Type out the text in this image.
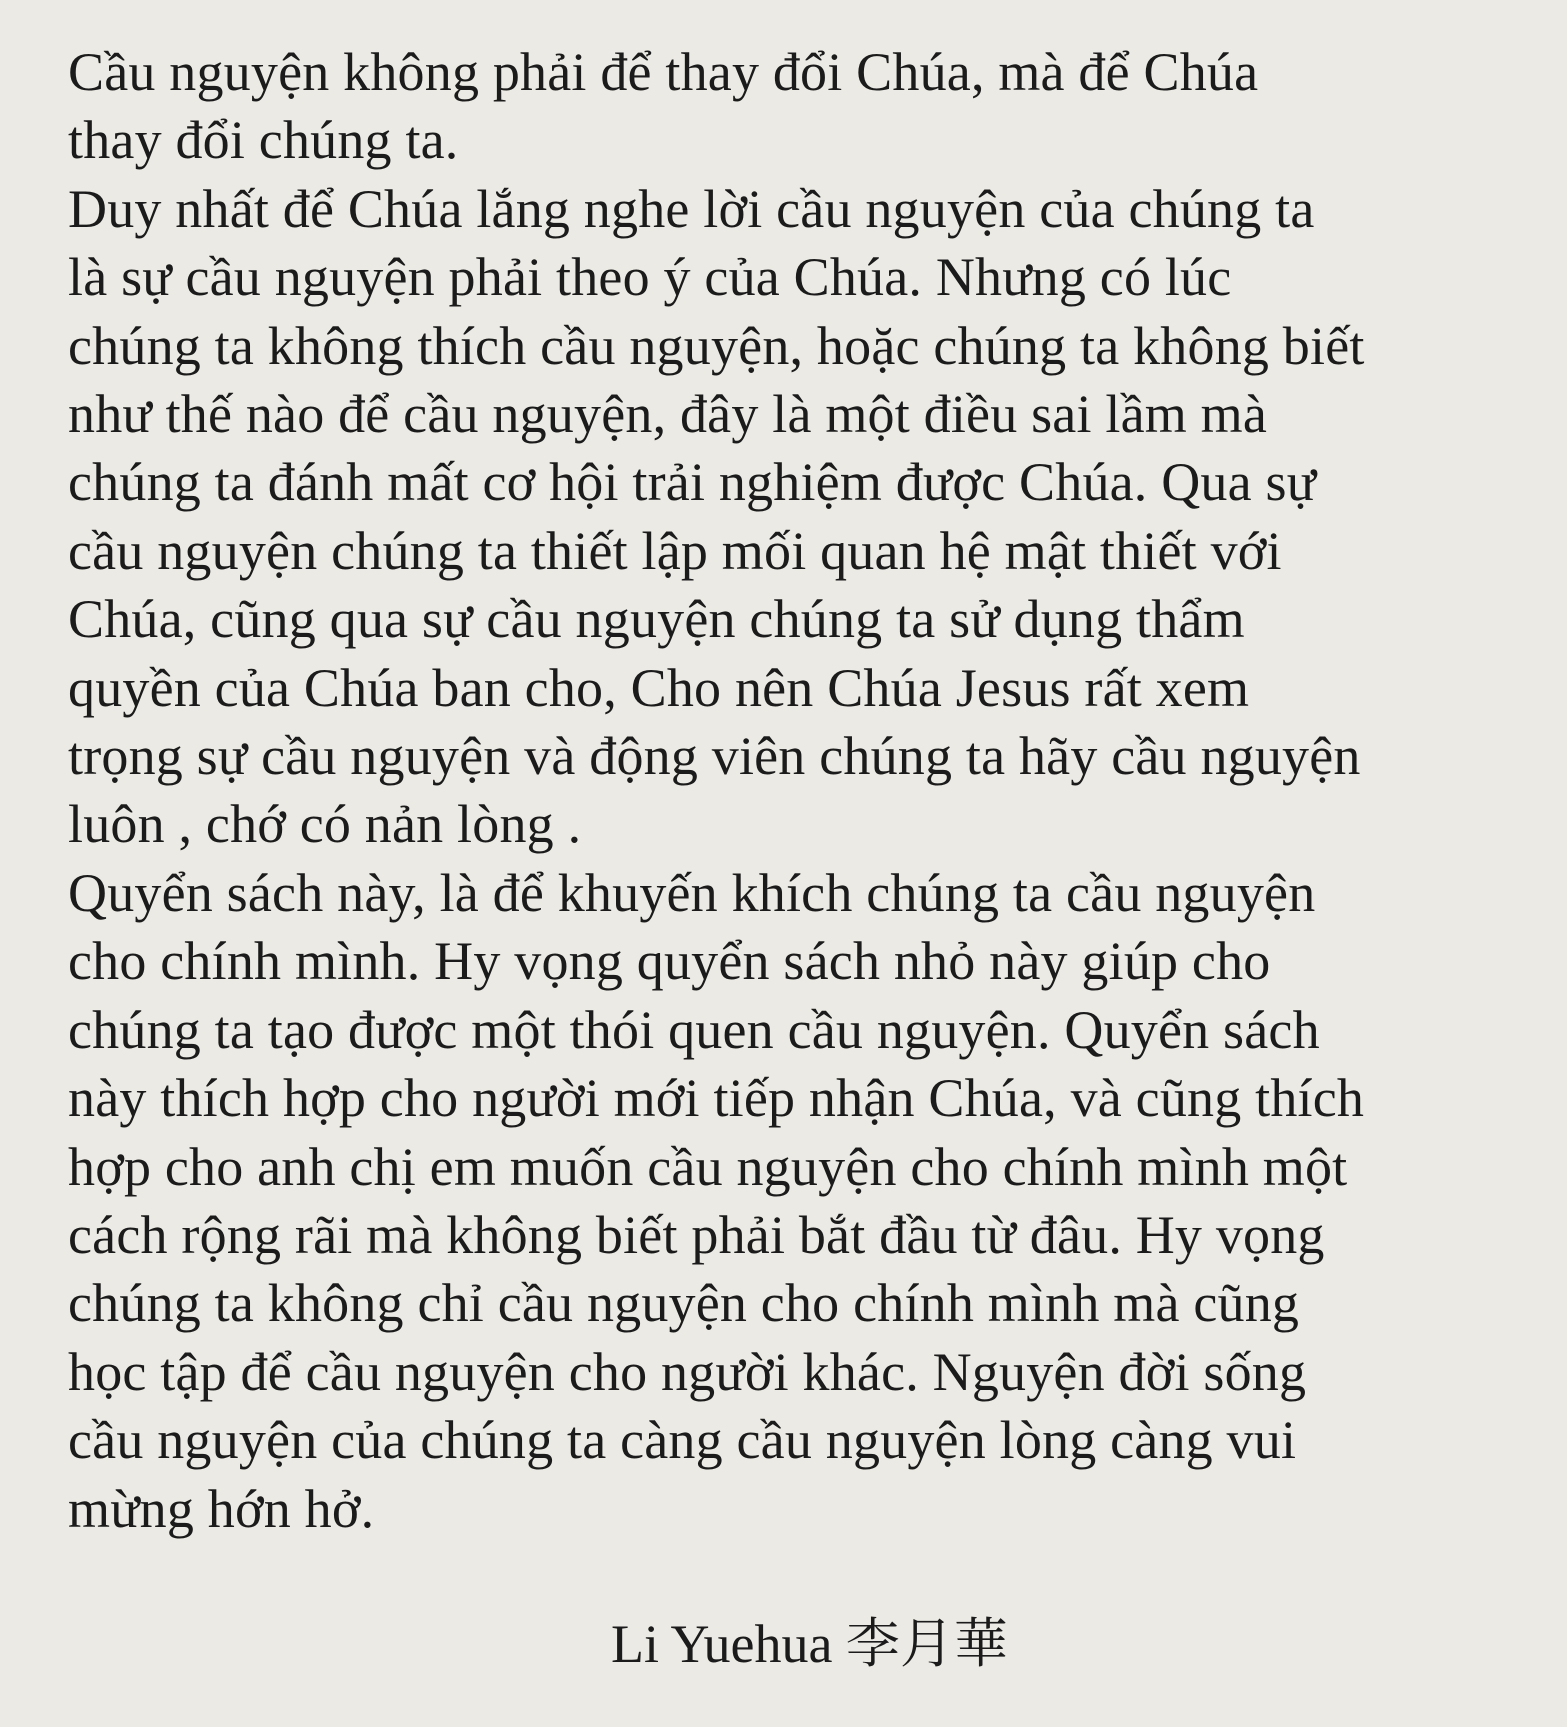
Cầu nguyện không phải để thay đổi Chúa, mà để Chúa
thay đổi chúng ta.
Duy nhất để Chúa lắng nghe lời cầu nguyện của chúng ta
là sự cầu nguyện phải theo ý của Chúa. Nhưng có lúc
chúng ta không thích cầu nguyện, hoặc chúng ta không biết
như thế nào để cầu nguyện, đây là một điều sai lầm mà
chúng ta đánh mất cơ hội trải nghiệm được Chúa. Qua sự
cầu nguyện chúng ta thiết lập mối quan hệ mật thiết với
Chúa, cũng qua sự cầu nguyện chúng ta sử dụng thẩm
quyền của Chúa ban cho, Cho nên Chúa Jesus rất xem
trọng sự cầu nguyện và động viên chúng ta hãy cầu nguyện
luôn , chớ có nản lòng .
Quyển sách này, là để khuyến khích chúng ta cầu nguyện
cho chính mình. Hy vọng quyển sách nhỏ này giúp cho
chúng ta tạo được một thói quen cầu nguyện. Quyển sách
này thích hợp cho người mới tiếp nhận Chúa, và cũng thích
hợp cho anh chị em muốn cầu nguyện cho chính mình một
cách rộng rãi mà không biết phải bắt đầu từ đâu. Hy vọng
chúng ta không chỉ cầu nguyện cho chính mình mà cũng
học tập để cầu nguyện cho người khác. Nguyện đời sống
cầu nguyện của chúng ta càng cầu nguyện lòng càng vui
mừng hớn hở.

Li Yuehua 李月華
